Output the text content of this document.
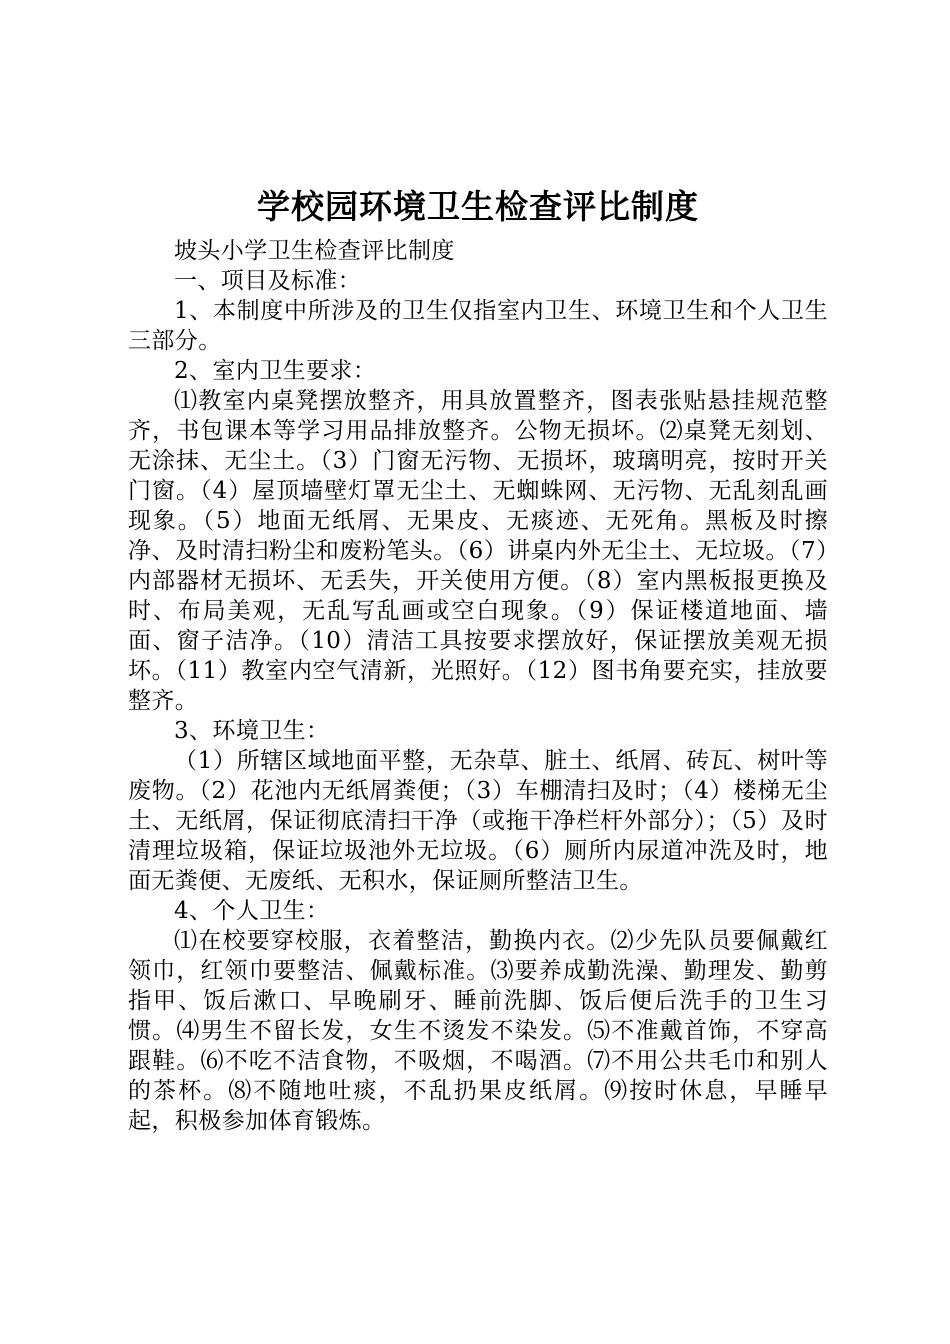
学校园环境卫生检查评比制度

坡头小学卫生检查评比制度

一、项目及标准：

1、本制度中所涉及的卫生仅指室内卫生、环境卫生和个人卫生三部分。

2、室内卫生要求：

⑴教室内桌凳摆放整齐，用具放置整齐，图表张贴悬挂规范整齐，书包课本等学习用品排放整齐。公物无损坏。⑵桌凳无刻划、无涂抹、无尘土。（3）门窗无污物、无损坏，玻璃明亮，按时开关门窗。（4）屋顶墙壁灯罩无尘土、无蜘蛛网、无污物、无乱刻乱画现象。（5）地面无纸屑、无果皮、无痰迹、无死角。黑板及时擦净、及时清扫粉尘和废粉笔头。（6）讲桌内外无尘土、无垃圾。（7）内部器材无损坏、无丢失，开关使用方便。（8）室内黑板报更换及时、布局美观，无乱写乱画或空白现象。（9）保证楼道地面、墙面、窗子洁净。（10）清洁工具按要求摆放好，保证摆放美观无损坏。（11）教室内空气清新，光照好。（12）图书角要充实，挂放要整齐。

3、环境卫生：

（1）所辖区域地面平整，无杂草、脏土、纸屑、砖瓦、树叶等废物。（2）花池内无纸屑粪便；（3）车棚清扫及时；（4）楼梯无尘土、无纸屑，保证彻底清扫干净（或拖干净栏杆外部分）；（5）及时清理垃圾箱，保证垃圾池外无垃圾。（6）厕所内尿道冲洗及时，地面无粪便、无废纸、无积水，保证厕所整洁卫生。

4、个人卫生：

⑴在校要穿校服，衣着整洁，勤换内衣。⑵少先队员要佩戴红领巾，红领巾要整洁、佩戴标准。⑶要养成勤洗澡、勤理发、勤剪指甲、饭后漱口、早晚刷牙、睡前洗脚、饭后便后洗手的卫生习惯。⑷男生不留长发，女生不烫发不染发。⑸不准戴首饰，不穿高跟鞋。⑹不吃不洁食物，不吸烟，不喝酒。⑺不用公共毛巾和别人的茶杯。⑻不随地吐痰，不乱扔果皮纸屑。⑼按时休息，早睡早起，积极参加体育锻炼。
